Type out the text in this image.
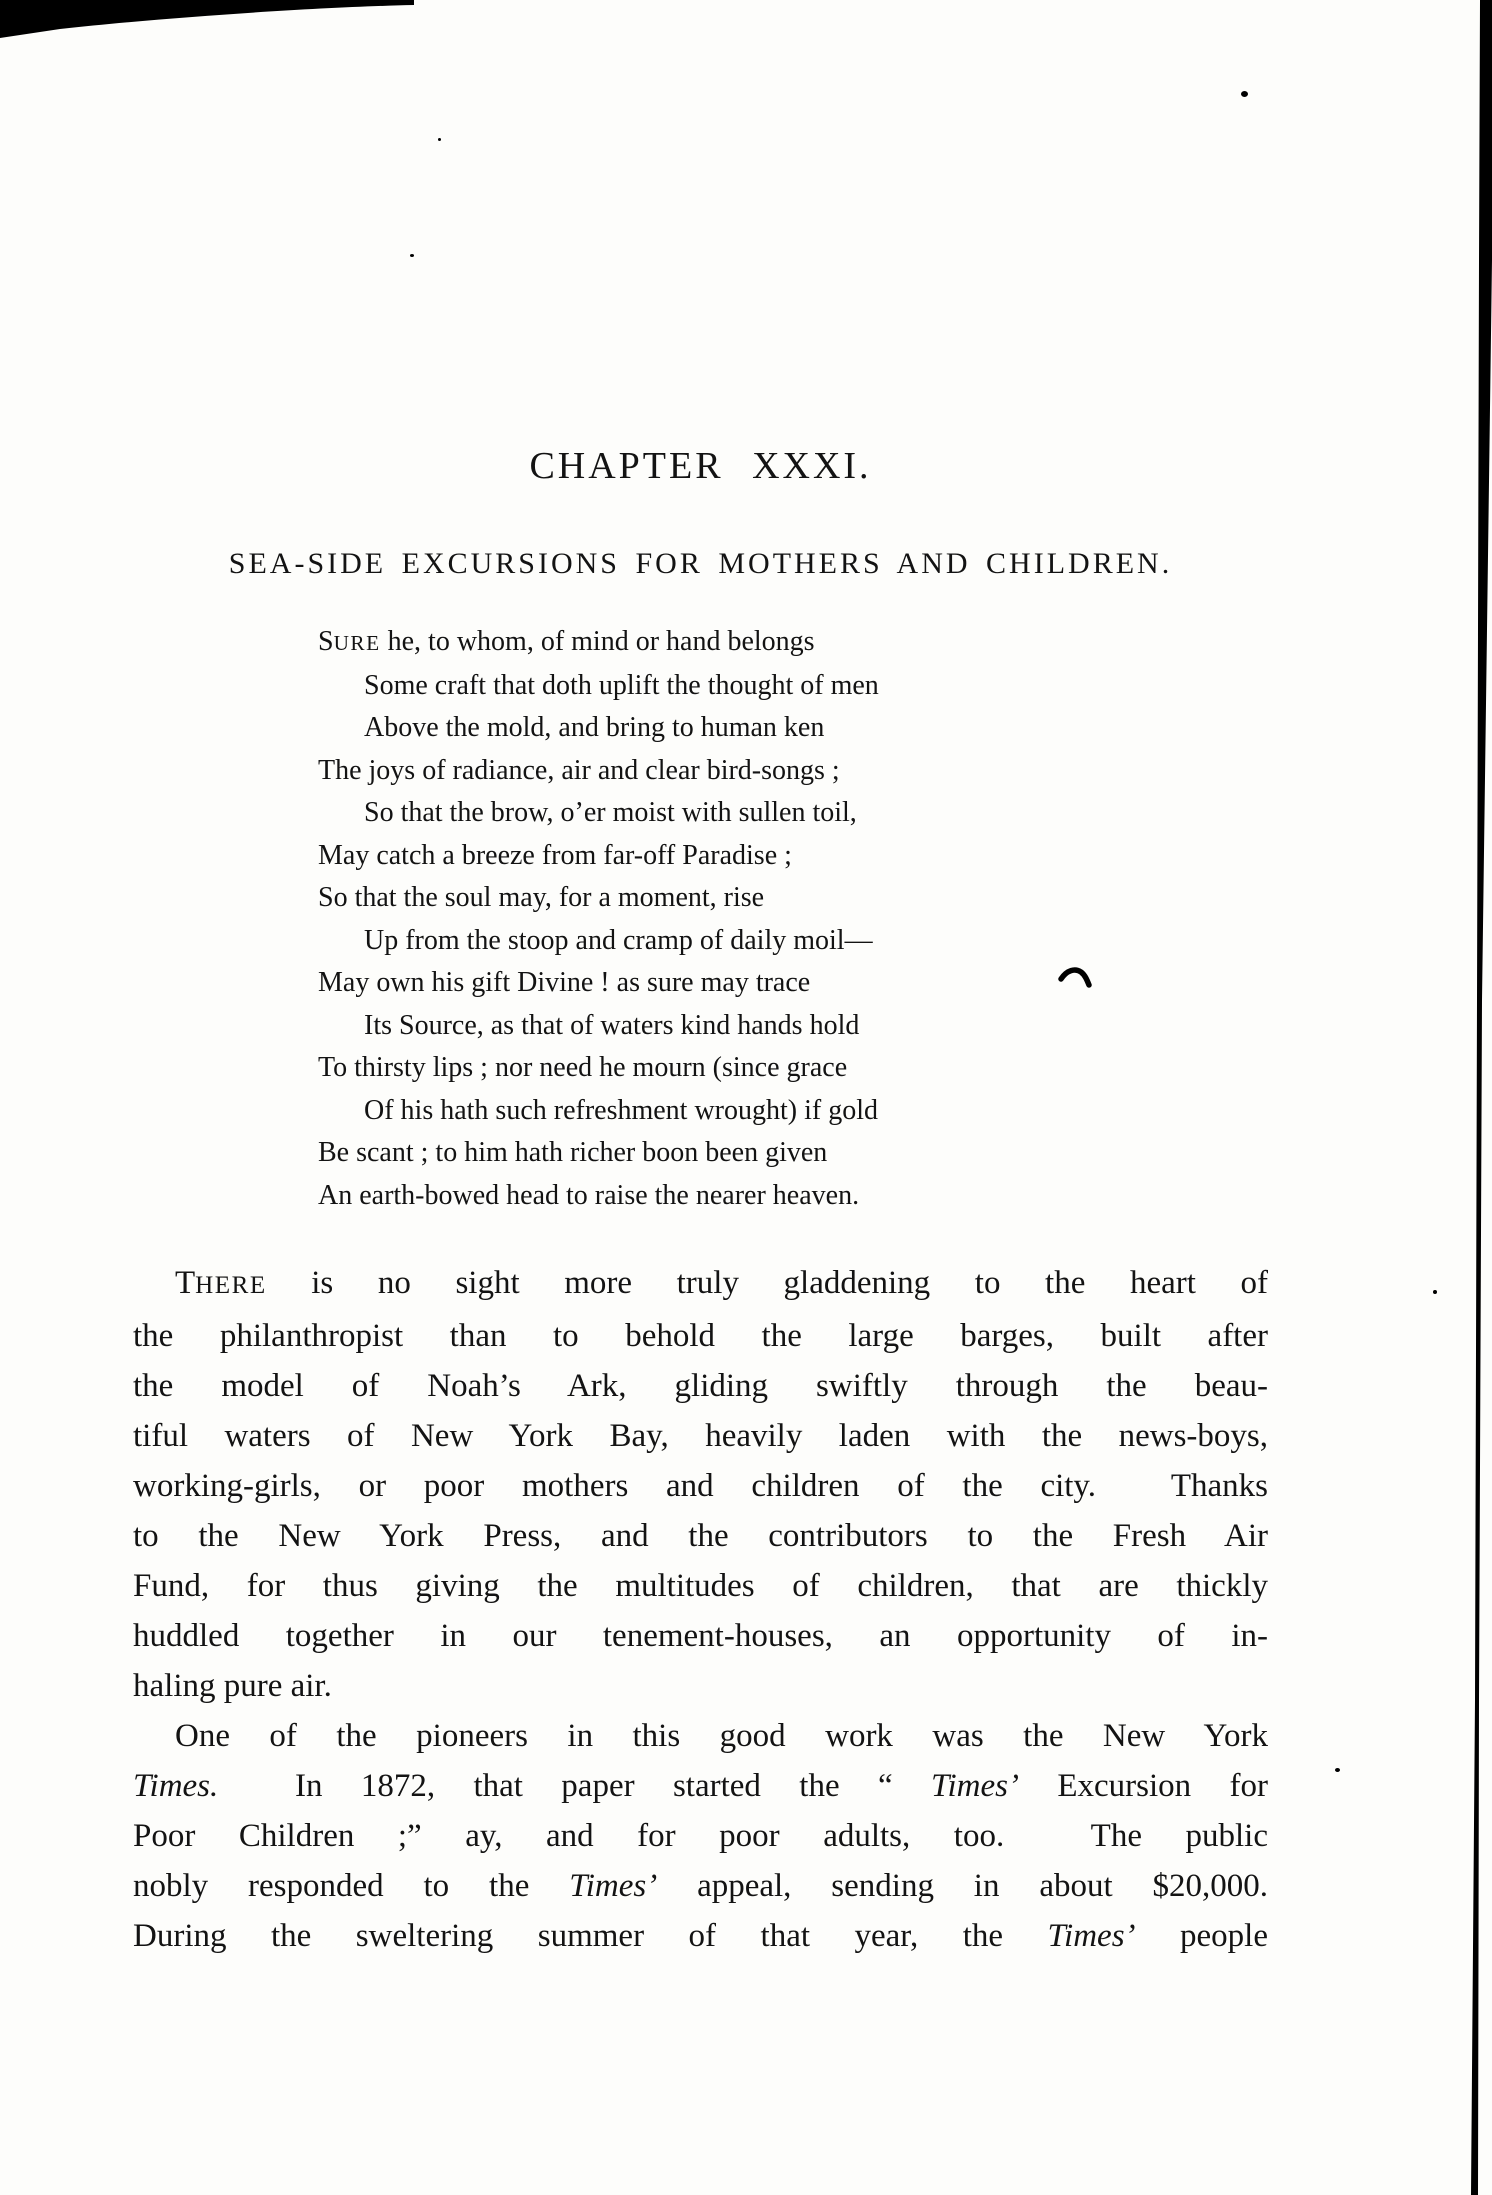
CHAPTER XXXI.
SEA-SIDE EXCURSIONS FOR MOTHERS AND CHILDREN.
SURE he, to whom, of mind or hand belongs
Some craft that doth uplift the thought of men
Above the mold, and bring to human ken
The joys of radiance, air and clear bird-songs ;
So that the brow, o’er moist with sullen toil,
May catch a breeze from far-off Paradise ;
So that the soul may, for a moment, rise
Up from the stoop and cramp of daily moil—
May own his gift Divine ! as sure may trace
Its Source, as that of waters kind hands hold
To thirsty lips ; nor need he mourn (since grace
Of his hath such refreshment wrought) if gold
Be scant ; to him hath richer boon been given
An earth-bowed head to raise the nearer heaven.
THERE is no sight more truly gladdening to the heart of
the philanthropist than to behold the large barges, built after
the model of Noah’s Ark, gliding swiftly through the beau-
tiful waters of New York Bay, heavily laden with the news-boys,
working-girls, or poor mothers and children of the city.  Thanks
to the New York Press, and the contributors to the Fresh Air
Fund, for thus giving the multitudes of children, that are thickly
huddled together in our tenement-houses, an opportunity of in-
haling pure air.
One of the pioneers in this good work was the New York
Times.  In 1872, that paper started the “ Times’ Excursion for
Poor Children ;” ay, and for poor adults, too.  The public
nobly responded to the Times’ appeal, sending in about $20,000.
During the sweltering summer of that year, the Times’ people
